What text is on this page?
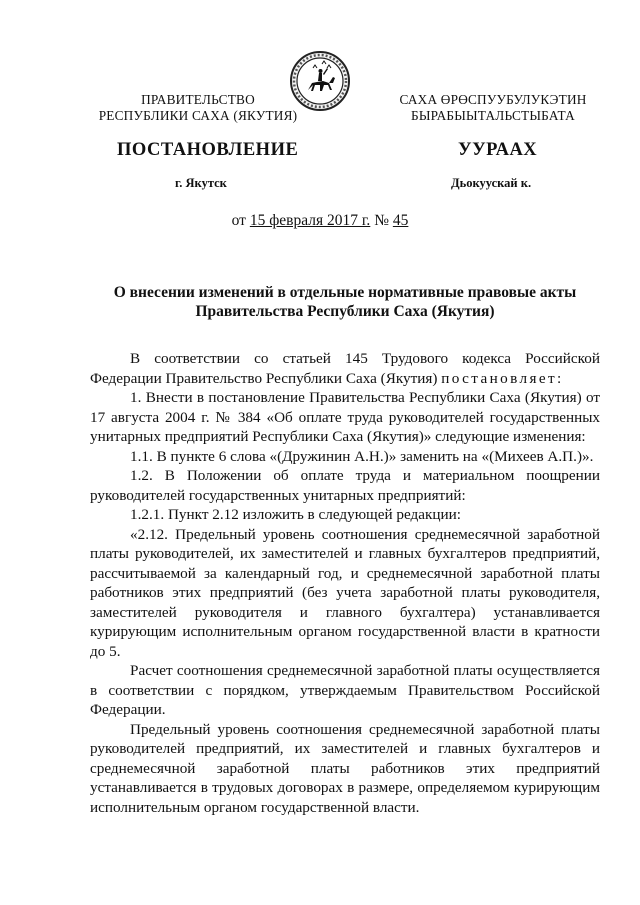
ПРАВИТЕЛЬСТВО
РЕСПУБЛИКИ САХА (ЯКУТИЯ)
САХА ӨРӨСПУУБУЛУКЭТИН
БЫРАБЫЫТАЛЬСТЫБАТА
ПОСТАНОВЛЕНИЕ	УУРААХ
г. Якутск	Дьокуускай к.
от 15 февраля 2017 г. № 45
О внесении изменений в отдельные нормативные правовые акты
Правительства Республики Саха (Якутия)

В соответствии со статьей 145 Трудового кодекса Российской Федерации Правительство Республики Саха (Якутия) постановляет:

1. Внести в постановление Правительства Республики Саха (Якутия) от 17 августа 2004 г. № 384 «Об оплате труда руководителей государственных унитарных предприятий Республики Саха (Якутия)» следующие изменения:

1.1. В пункте 6 слова «(Дружинин А.Н.)» заменить на «(Михеев А.П.)».

1.2. В Положении об оплате труда и материальном поощрении руководителей государственных унитарных предприятий:

1.2.1. Пункт 2.12 изложить в следующей редакции:

«2.12. Предельный уровень соотношения среднемесячной заработной платы руководителей, их заместителей и главных бухгалтеров предприятий, рассчитываемой за календарный год, и среднемесячной заработной платы работников этих предприятий (без учета заработной платы руководителя, заместителей руководителя и главного бухгалтера) устанавливается курирующим исполнительным органом государственной власти в кратности до 5.

Расчет соотношения среднемесячной заработной платы осуществляется в соответствии с порядком, утверждаемым Правительством Российской Федерации.

Предельный уровень соотношения среднемесячной заработной платы руководителей предприятий, их заместителей и главных бухгалтеров и среднемесячной заработной платы работников этих предприятий устанавливается в трудовых договорах в размере, определяемом курирующим исполнительным органом государственной власти.
